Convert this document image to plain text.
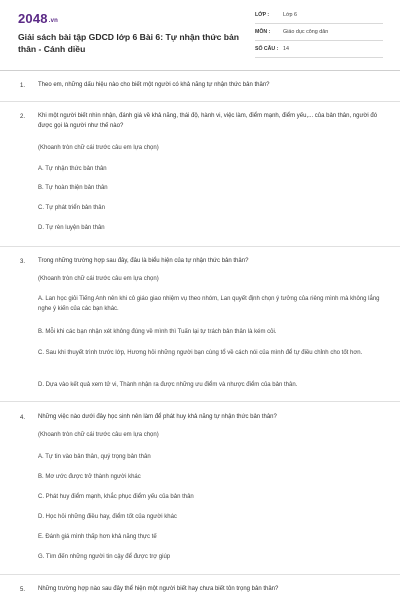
2048.vn
Giải sách bài tập GDCD lớp 6 Bài 6: Tự nhận thức bản thân - Cánh diều
LỚP :	Lớp 6
MÔN : Giáo dục công dân
SỐ CÂU : 14
1. Theo em, những dấu hiệu nào cho biết một người có khả năng tự nhận thức bản thân?
2. Khi một người biết nhìn nhận, đánh giá về khả năng, thái độ, hành vi, việc làm, điểm mạnh, điểm yếu,... của bản thân, người đó được gọi là người như thế nào?
(Khoanh tròn chữ cái trước câu em lựa chọn)
A. Tự nhận thức bản thân
B. Tự hoàn thiện bản thân
C. Tự phát triển bản thân
D. Tự rèn luyện bản thân
3. Trong những trường hợp sau đây, đâu là biểu hiện của tự nhận thức bản thân?
(Khoanh tròn chữ cái trước câu em lựa chọn)
A. Lan học giỏi Tiếng Anh nên khi cô giáo giao nhiệm vụ theo nhóm, Lan quyết định chọn ý tưởng của riêng mình mà không lắng nghe ý kiến của các bạn khác.
B. Mỗi khi các bạn nhận xét không đúng về mình thì Tuấn lại tự trách bản thân là kém cỏi.
C. Sau khi thuyết trình trước lớp, Hương hỏi những người bạn cùng tổ về cách nói của mình để tự điều chỉnh cho tốt hơn.
D. Dựa vào kết quả xem tử vi, Thành nhận ra được những ưu điểm và nhược điểm của bản thân.
4. Những việc nào dưới đây học sinh nên làm để phát huy khả năng tự nhận thức bản thân?
(Khoanh tròn chữ cái trước câu em lựa chọn)
A. Tự tin vào bản thân, quý trọng bản thân
B. Mơ ước được trở thành người khác
C. Phát huy điểm mạnh, khắc phục điểm yếu của bản thân
D. Học hỏi những điều hay, điểm tốt của người khác
E. Đánh giá mình thấp hơn khả năng thực tế
G. Tìm đến những người tin cậy để được trợ giúp
5. Những trường hợp nào sau đây thể hiện một người biết hay chưa biết tôn trọng bản thân?
